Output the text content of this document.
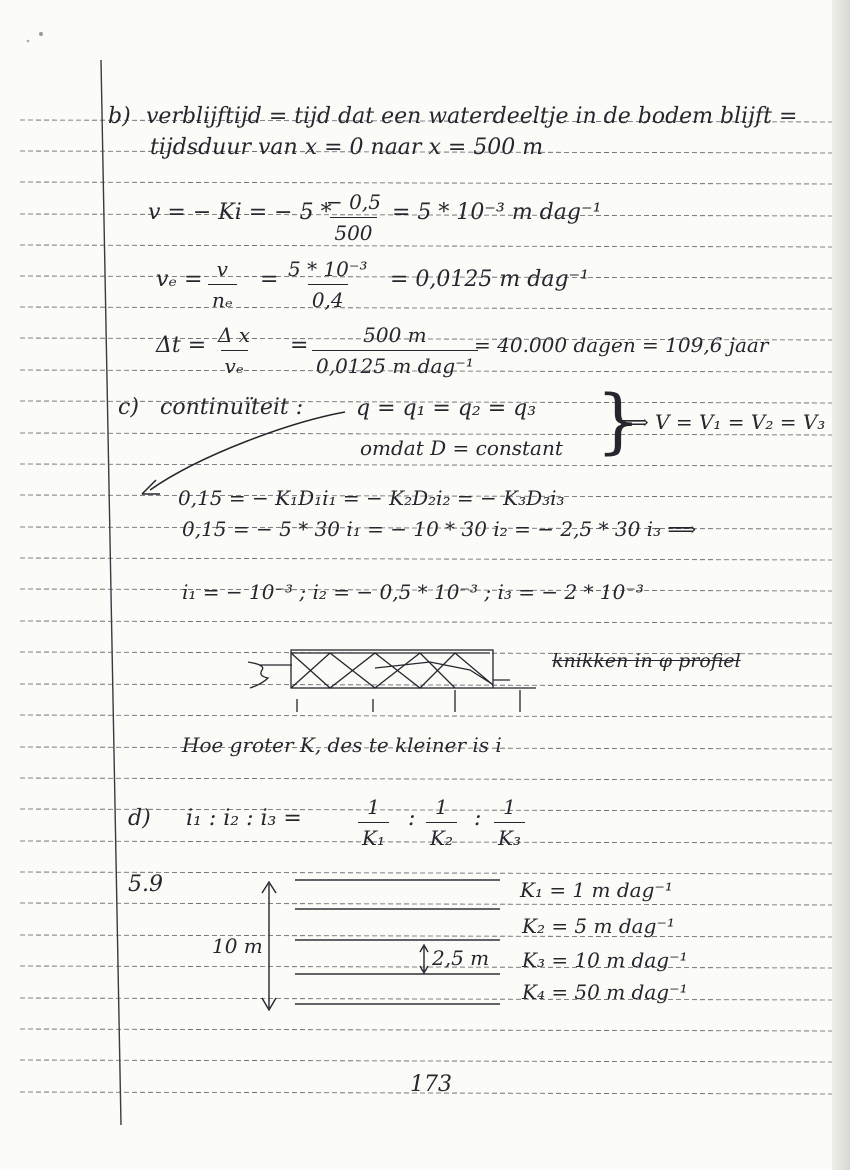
b) verblijftijd = tijd dat een waterdeeltje in de bodem blijft =
tijdsduur van x = 0 naar x = 500 m
v = − Ki = − 5 *
$\frac{- 0,5}{500} = 5 * 10^{-3}$ m dag⁻¹
$v_e = \frac{v}{\text{nₑ}} = \frac{\text{5 * 10⁻³}}{0,4} = 0,0125$ m dag⁻¹
$\Delta t = \frac{\text{Δ x}}{\text{vₑ}}$ =	500 m
0,0125 m dag⁻¹
= 40.000 dagen = 109,6 jaar
c) continuïteit : q = q₁ = q₂ = q₃
omdat D = constant }
⟹ V = V₁ = V₂ = V₃
0,15 = − K₁D₁i₁ = − K₂D₂i₂ = − K₃D₃i₃
0,15 = − 5 * 30 i₁ = − 10 * 30 i₂ = − 2,5 * 30 i₃ ⟹
i₁ = − 10⁻³ ; i₂ = − 0,5 * 10⁻³ ; i₃ = − 2 * 10⁻³
knikken in φ profiel
Hoe groter K, des te kleiner is i
d) i₁ : i₂ : i₃ =	$\frac{1}{\text{K₁}}$ : $\frac{1}{\text{K₂}}$ : $\frac{1}{\text{K₃}}$
5.9
10 m	2,5 m
K₁ = 1 m dag⁻¹
K₂ = 5 m dag⁻¹
K₃ = 10 m dag⁻¹
K₄ = 50 m dag⁻¹
173
